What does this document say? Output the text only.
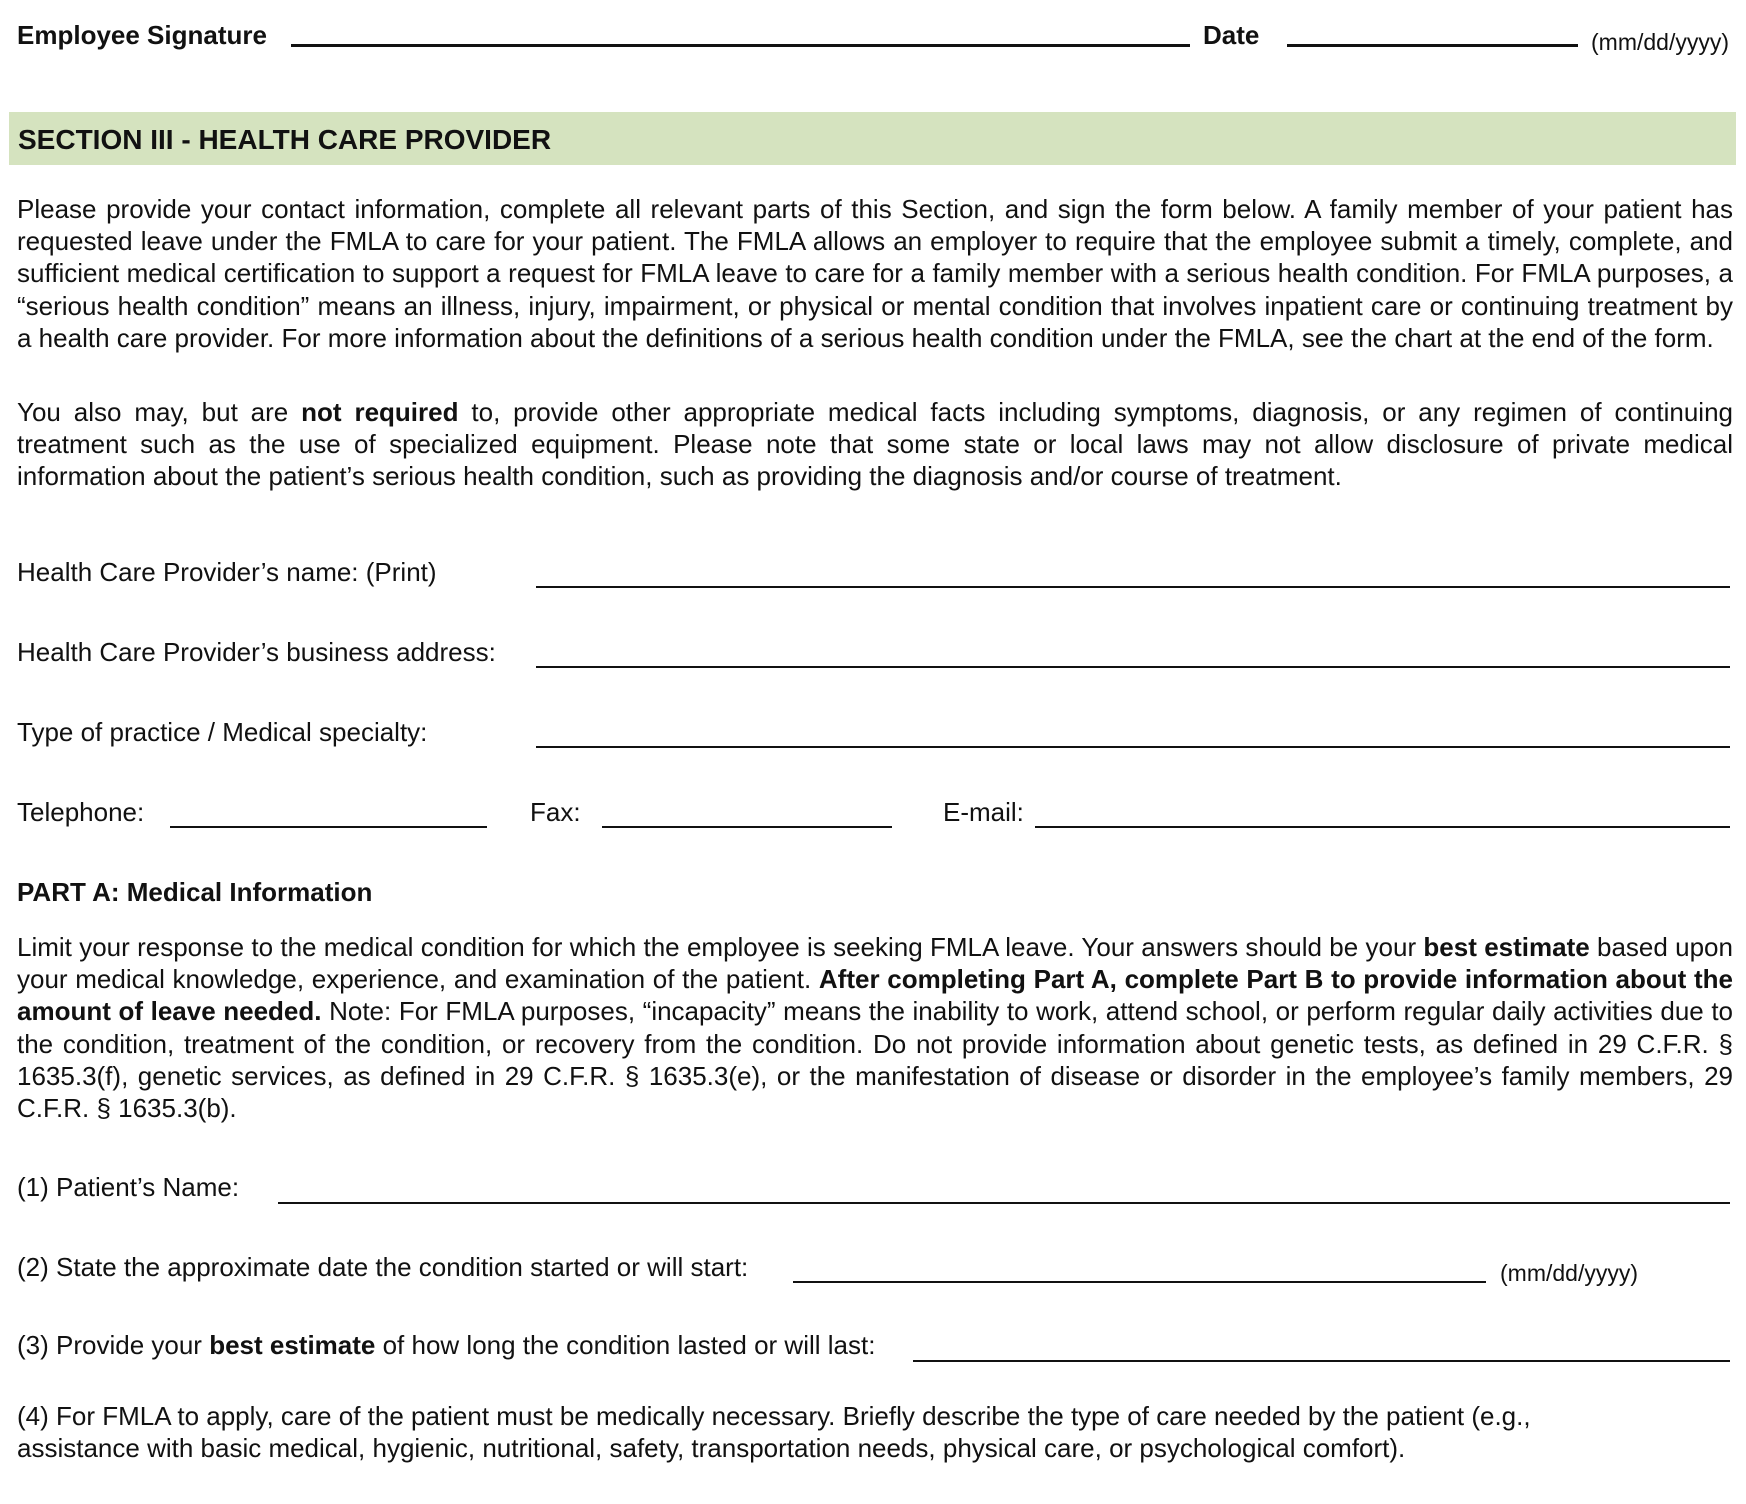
Employee Signature	Date	(mm/dd/yyyy)
SECTION III - HEALTH CARE PROVIDER
Please provide your contact information, complete all relevant parts of this Section, and sign the form below. A family member of your patient has requested leave under the FMLA to care for your patient. The FMLA allows an employer to require that the employee submit a timely, complete, and sufficient medical certification to support a request for FMLA leave to care for a family member with a serious health condition. For FMLA purposes, a “serious health condition” means an illness, injury, impairment, or physical or mental condition that involves inpatient care or continuing treatment by a health care provider. For more information about the definitions of a serious health condition under the FMLA, see the chart at the end of the form.
You also may, but are not required to, provide other appropriate medical facts including symptoms, diagnosis, or any regimen of continuing treatment such as the use of specialized equipment. Please note that some state or local laws may not allow disclosure of private medical information about the patient’s serious health condition, such as providing the diagnosis and/or course of treatment.
Health Care Provider’s name: (Print)
Health Care Provider’s business address:
Type of practice / Medical specialty:
Telephone:	Fax:	E-mail:
PART A: Medical Information
Limit your response to the medical condition for which the employee is seeking FMLA leave. Your answers should be your best estimate based upon your medical knowledge, experience, and examination of the patient. After completing Part A, complete Part B to provide information about the amount of leave needed. Note: For FMLA purposes, “incapacity” means the inability to work, attend school, or perform regular daily activities due to the condition, treatment of the condition, or recovery from the condition. Do not provide information about genetic tests, as defined in 29 C.F.R. § 1635.3(f), genetic services, as defined in 29 C.F.R. § 1635.3(e), or the manifestation of disease or disorder in the employee’s family members, 29 C.F.R. § 1635.3(b).
(1) Patient’s Name:
(2) State the approximate date the condition started or will start:	(mm/dd/yyyy)
(3) Provide your best estimate of how long the condition lasted or will last:
(4) For FMLA to apply, care of the patient must be medically necessary. Briefly describe the type of care needed by the patient (e.g.,
assistance with basic medical, hygienic, nutritional, safety, transportation needs, physical care, or psychological comfort).
